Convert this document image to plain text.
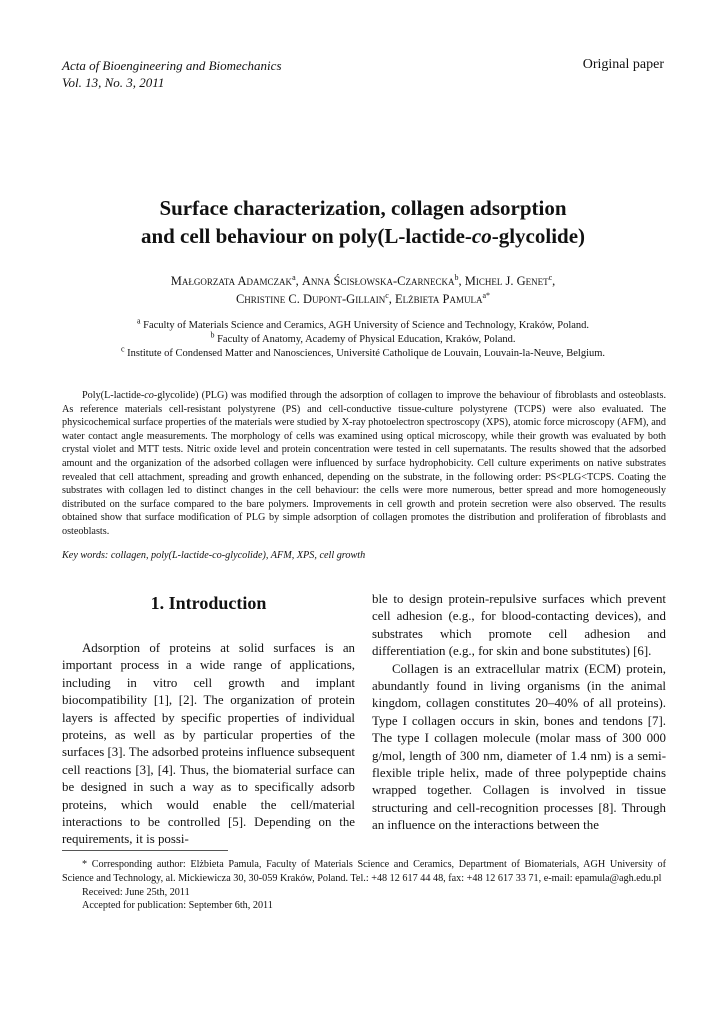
Acta of Bioengineering and Biomechanics
Vol. 13, No. 3, 2011
Original paper
Surface characterization, collagen adsorption
and cell behaviour on poly(L-lactide-co-glycolide)
Małgorzata Adamczak$^a$, Anna Ścisłowska-Czarnecka$^b$, Michel J. Genet$^c$,
Christine C. Dupont-Gillain$^c$, Elżbieta Pamula$^{a*}$
$^a$ Faculty of Materials Science and Ceramics, AGH University of Science and Technology, Kraków, Poland.
$^b$ Faculty of Anatomy, Academy of Physical Education, Kraków, Poland.
$^c$ Institute of Condensed Matter and Nanosciences, Université Catholique de Louvain, Louvain-la-Neuve, Belgium.
Poly(L-lactide-co-glycolide) (PLG) was modified through the adsorption of collagen to improve the behaviour of fibroblasts and osteoblasts. As reference materials cell-resistant polystyrene (PS) and cell-conductive tissue-culture polystyrene (TCPS) were also evaluated. The physicochemical surface properties of the materials were studied by X-ray photoelectron spectroscopy (XPS), atomic force microscopy (AFM), and water contact angle measurements. The morphology of cells was examined using optical microscopy, while their growth was evaluated by both crystal violet and MTT tests. Nitric oxide level and protein concentration were tested in cell supernatants. The results showed that the adsorbed amount and the organization of the adsorbed collagen were influenced by surface hydrophobicity. Cell culture experiments on native substrates revealed that cell attachment, spreading and growth enhanced, depending on the substrate, in the following order: PS<PLG<TCPS. Coating the substrates with collagen led to distinct changes in the cell behaviour: the cells were more numerous, better spread and more homogeneously distributed on the surface compared to the bare polymers. Improvements in cell growth and protein secretion were also observed. The results obtained show that surface modification of PLG by simple adsorption of collagen promotes the distribution and proliferation of fibroblasts and osteoblasts.
Key words: collagen, poly(L-lactide-co-glycolide), AFM, XPS, cell growth
1. Introduction

Adsorption of proteins at solid surfaces is an important process in a wide range of applications, including in vitro cell growth and implant biocompatibility [1], [2]. The organization of protein layers is affected by specific properties of individual proteins, as well as by particular properties of the surfaces [3]. The adsorbed proteins influence subsequent cell reactions [3], [4]. Thus, the biomaterial surface can be designed in such a way as to specifically adsorb proteins, which would enable the cell/material interactions to be controlled [5]. Depending on the requirements, it is possi-

ble to design protein-repulsive surfaces which prevent cell adhesion (e.g., for blood-contacting devices), and substrates which promote cell adhesion and differentiation (e.g., for skin and bone substitutes) [6].

Collagen is an extracellular matrix (ECM) protein, abundantly found in living organisms (in the animal kingdom, collagen constitutes 20–40% of all proteins). Type I collagen occurs in skin, bones and tendons [7]. The type I collagen molecule (molar mass of 300 000 g/mol, length of 300 nm, diameter of 1.4 nm) is a semi-flexible triple helix, made of three polypeptide chains wrapped together. Collagen is involved in tissue structuring and cell-recognition processes [8]. Through an influence on the interactions between the

* Corresponding author: Elżbieta Pamula, Faculty of Materials Science and Ceramics, Department of Biomaterials, AGH University of Science and Technology, al. Mickiewicza 30, 30-059 Kraków, Poland. Tel.: +48 12 617 44 48, fax: +48 12 617 33 71, e-mail: epamula@agh.edu.pl
Received: June 25th, 2011
Accepted for publication: September 6th, 2011
